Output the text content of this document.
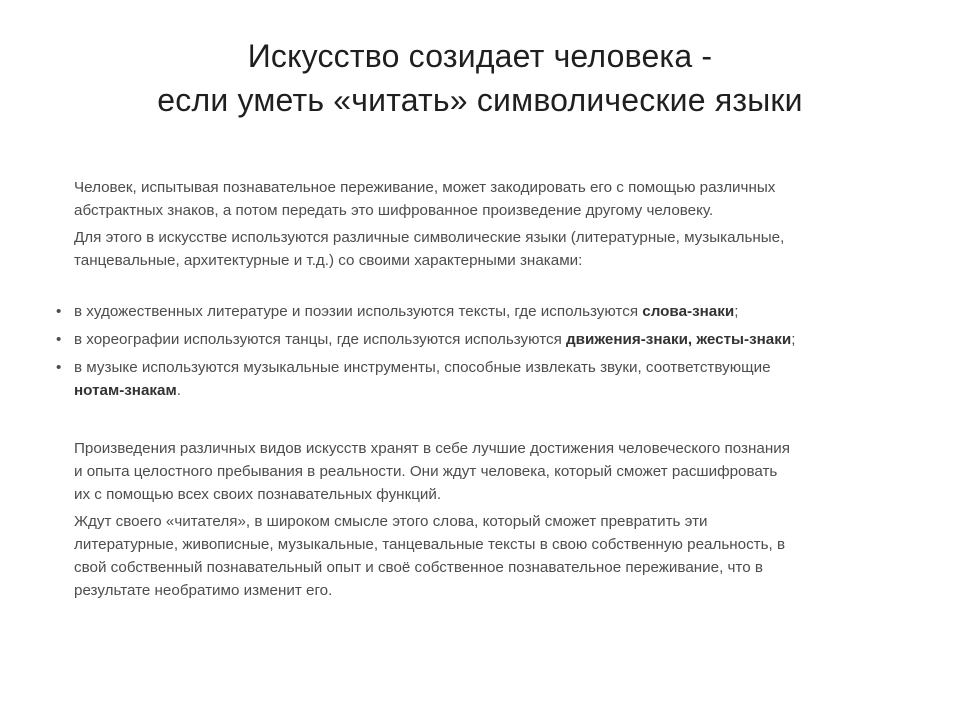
Искусство созидает человека -
если уметь «читать» символические языки

Человек, испытывая познавательное переживание, может закодировать его с помощью различных
абстрактных знаков, а потом передать это шифрованное произведение другому человеку.

Для этого в искусстве используются различные символические языки (литературные, музыкальные,
танцевальные, архитектурные и т.д.) со своими характерными знаками:

• в художественных литературе и поэзии используются тексты, где используются слова-знаки;
• в хореографии используются танцы, где используются используются движения-знаки, жесты-знаки;
• в музыке используются музыкальные инструменты, способные извлекать звуки, соответствующие
нотам-знакам.

Произведения различных видов искусств хранят в себе лучшие достижения человеческого познания
и опыта целостного пребывания в реальности. Они ждут человека, который сможет расшифровать
их с помощью всех своих познавательных функций.

Ждут своего «читателя», в широком смысле этого слова, который сможет превратить эти
литературные, живописные, музыкальные, танцевальные тексты в свою собственную реальность, в
свой собственный познавательный опыт и своё собственное познавательное переживание, что в
результате необратимо изменит его.
